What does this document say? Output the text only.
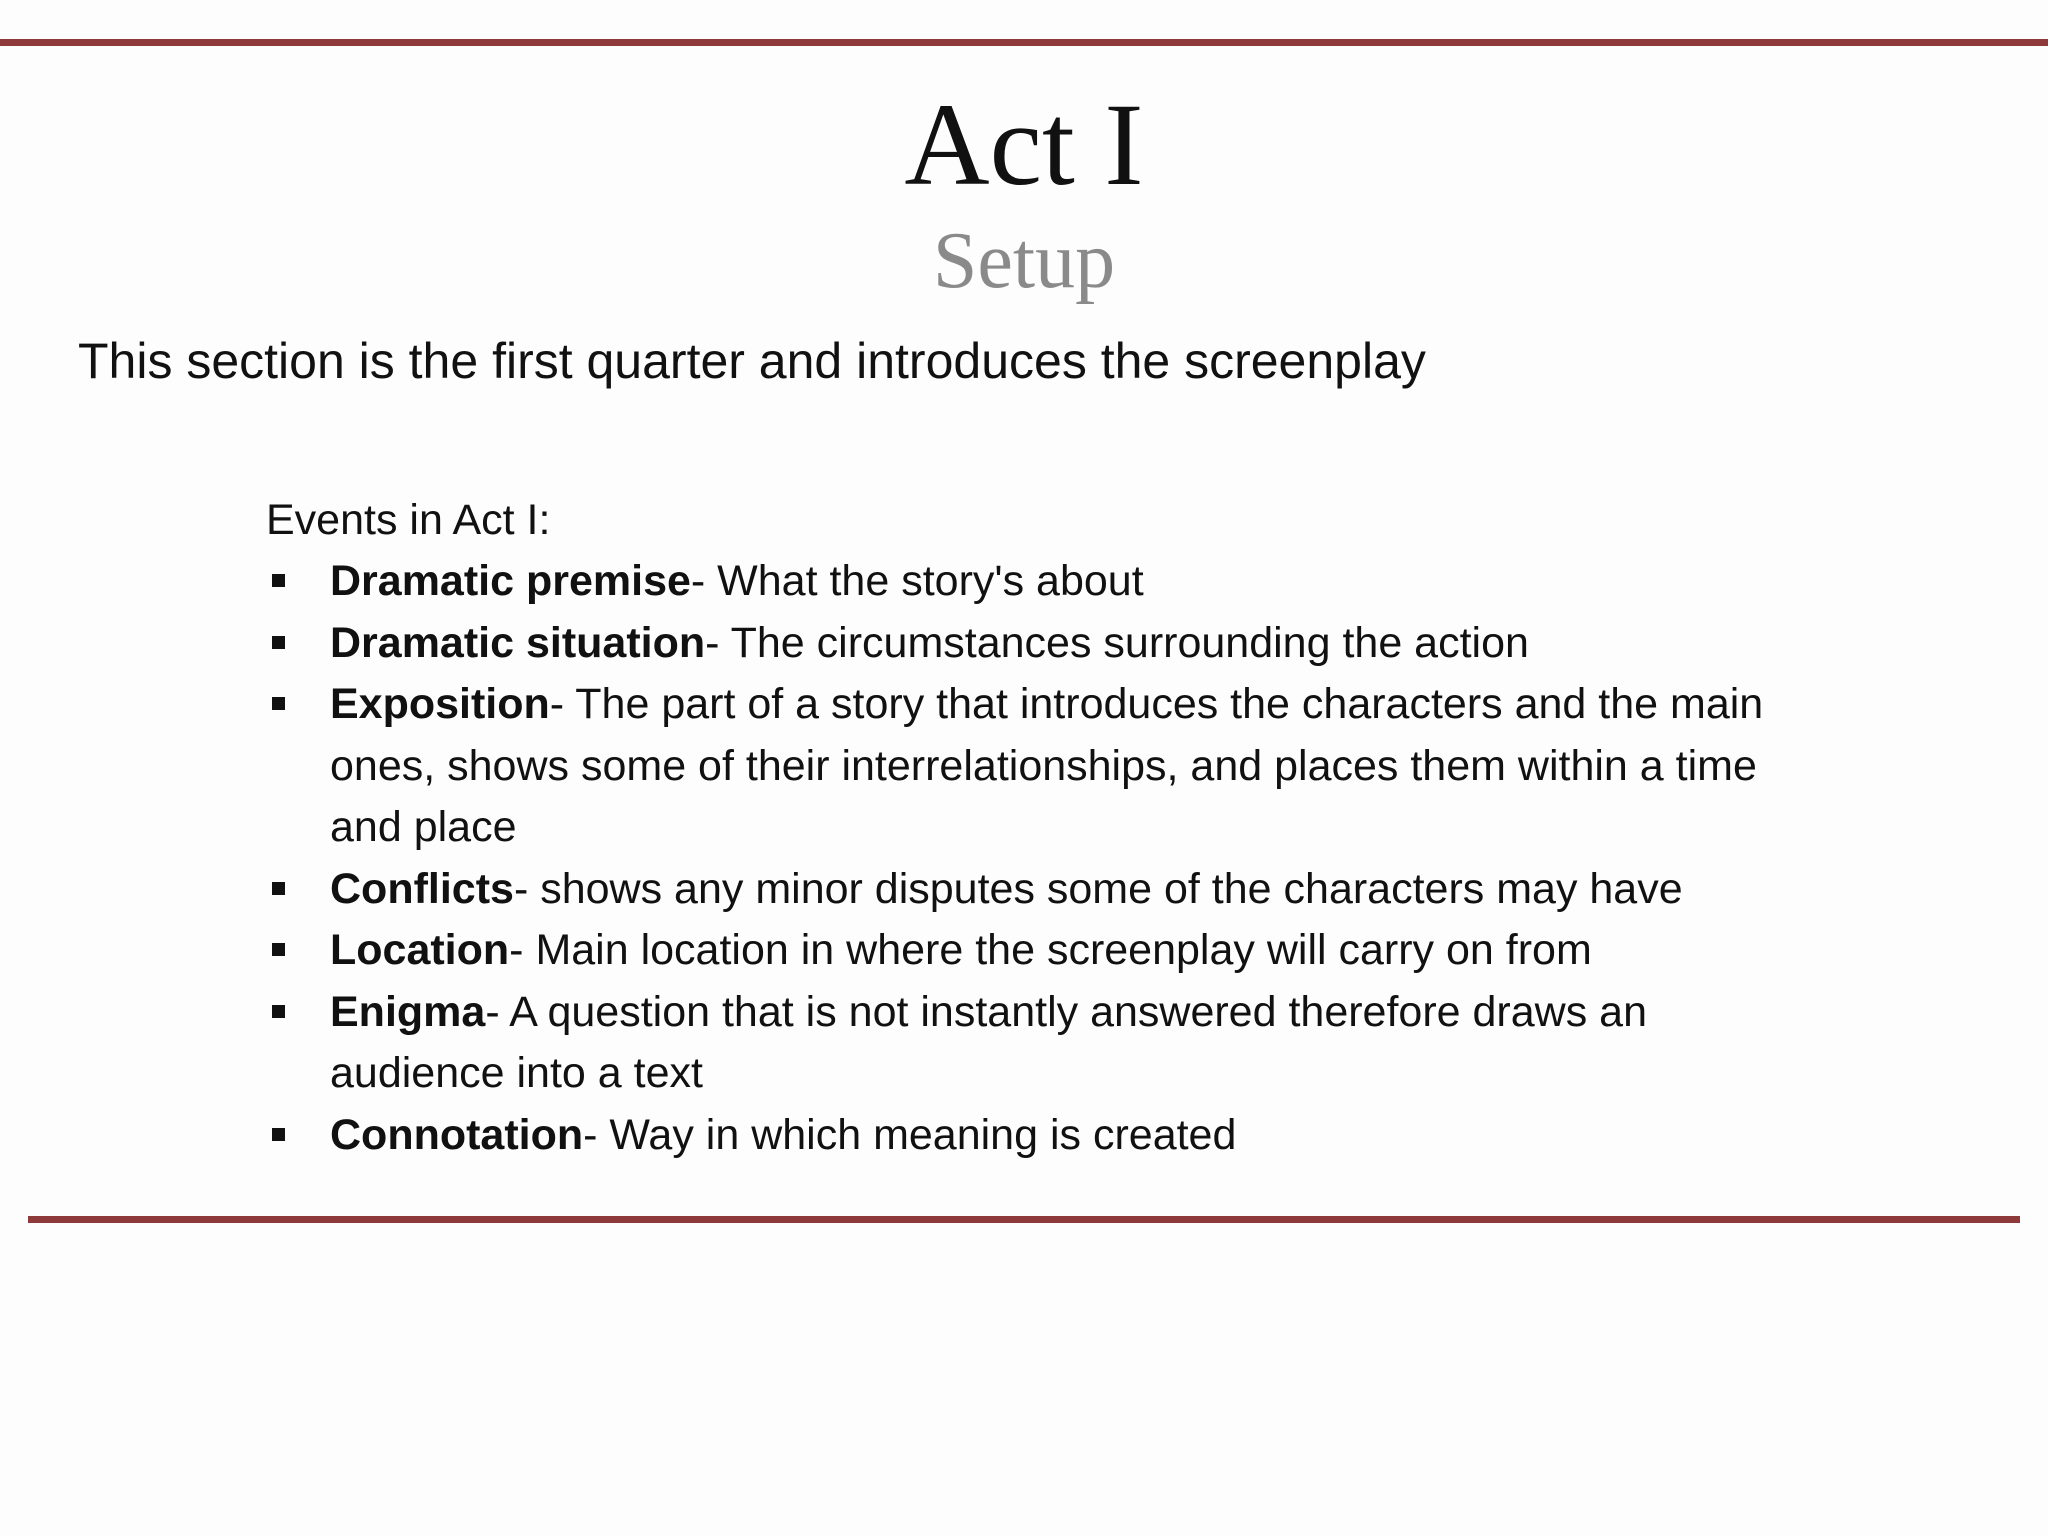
Act I
Setup
This section is the first quarter and introduces the screenplay
Events in Act I:
Dramatic premise- What the story's about
Dramatic situation- The circumstances surrounding the action
Exposition- The part of a story that introduces the characters and the main ones, shows some of their interrelationships, and places them within a time and place
Conflicts- shows any minor disputes some of the characters may have
Location- Main location in where the screenplay will carry on from
Enigma- A question that is not instantly answered therefore draws an audience into a text
Connotation- Way in which meaning is created
